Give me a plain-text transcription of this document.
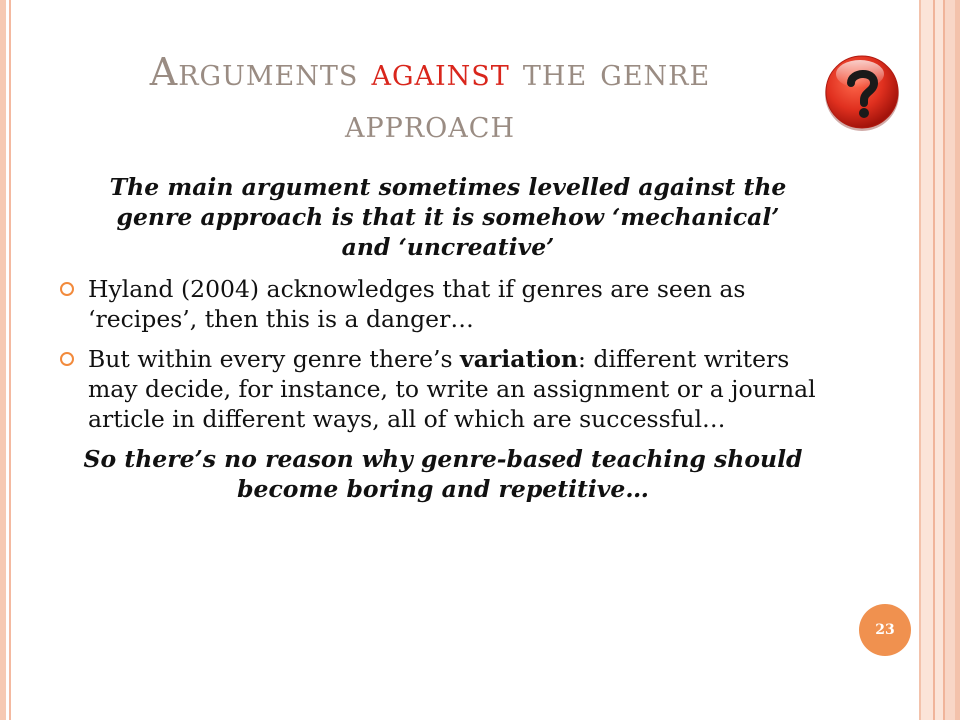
Arguments against the genre approach

The main argument sometimes levelled against the genre approach is that it is somehow ‘mechanical’ and ‘uncreative’

Hyland (2004) acknowledges that if genres are seen as ‘recipes’, then this is a danger…
But within every genre there’s variation: different writers may decide, for instance, to write an assignment or a journal article in different ways, all of which are successful…

So there’s no reason why genre-based teaching should become boring and repetitive…

23
